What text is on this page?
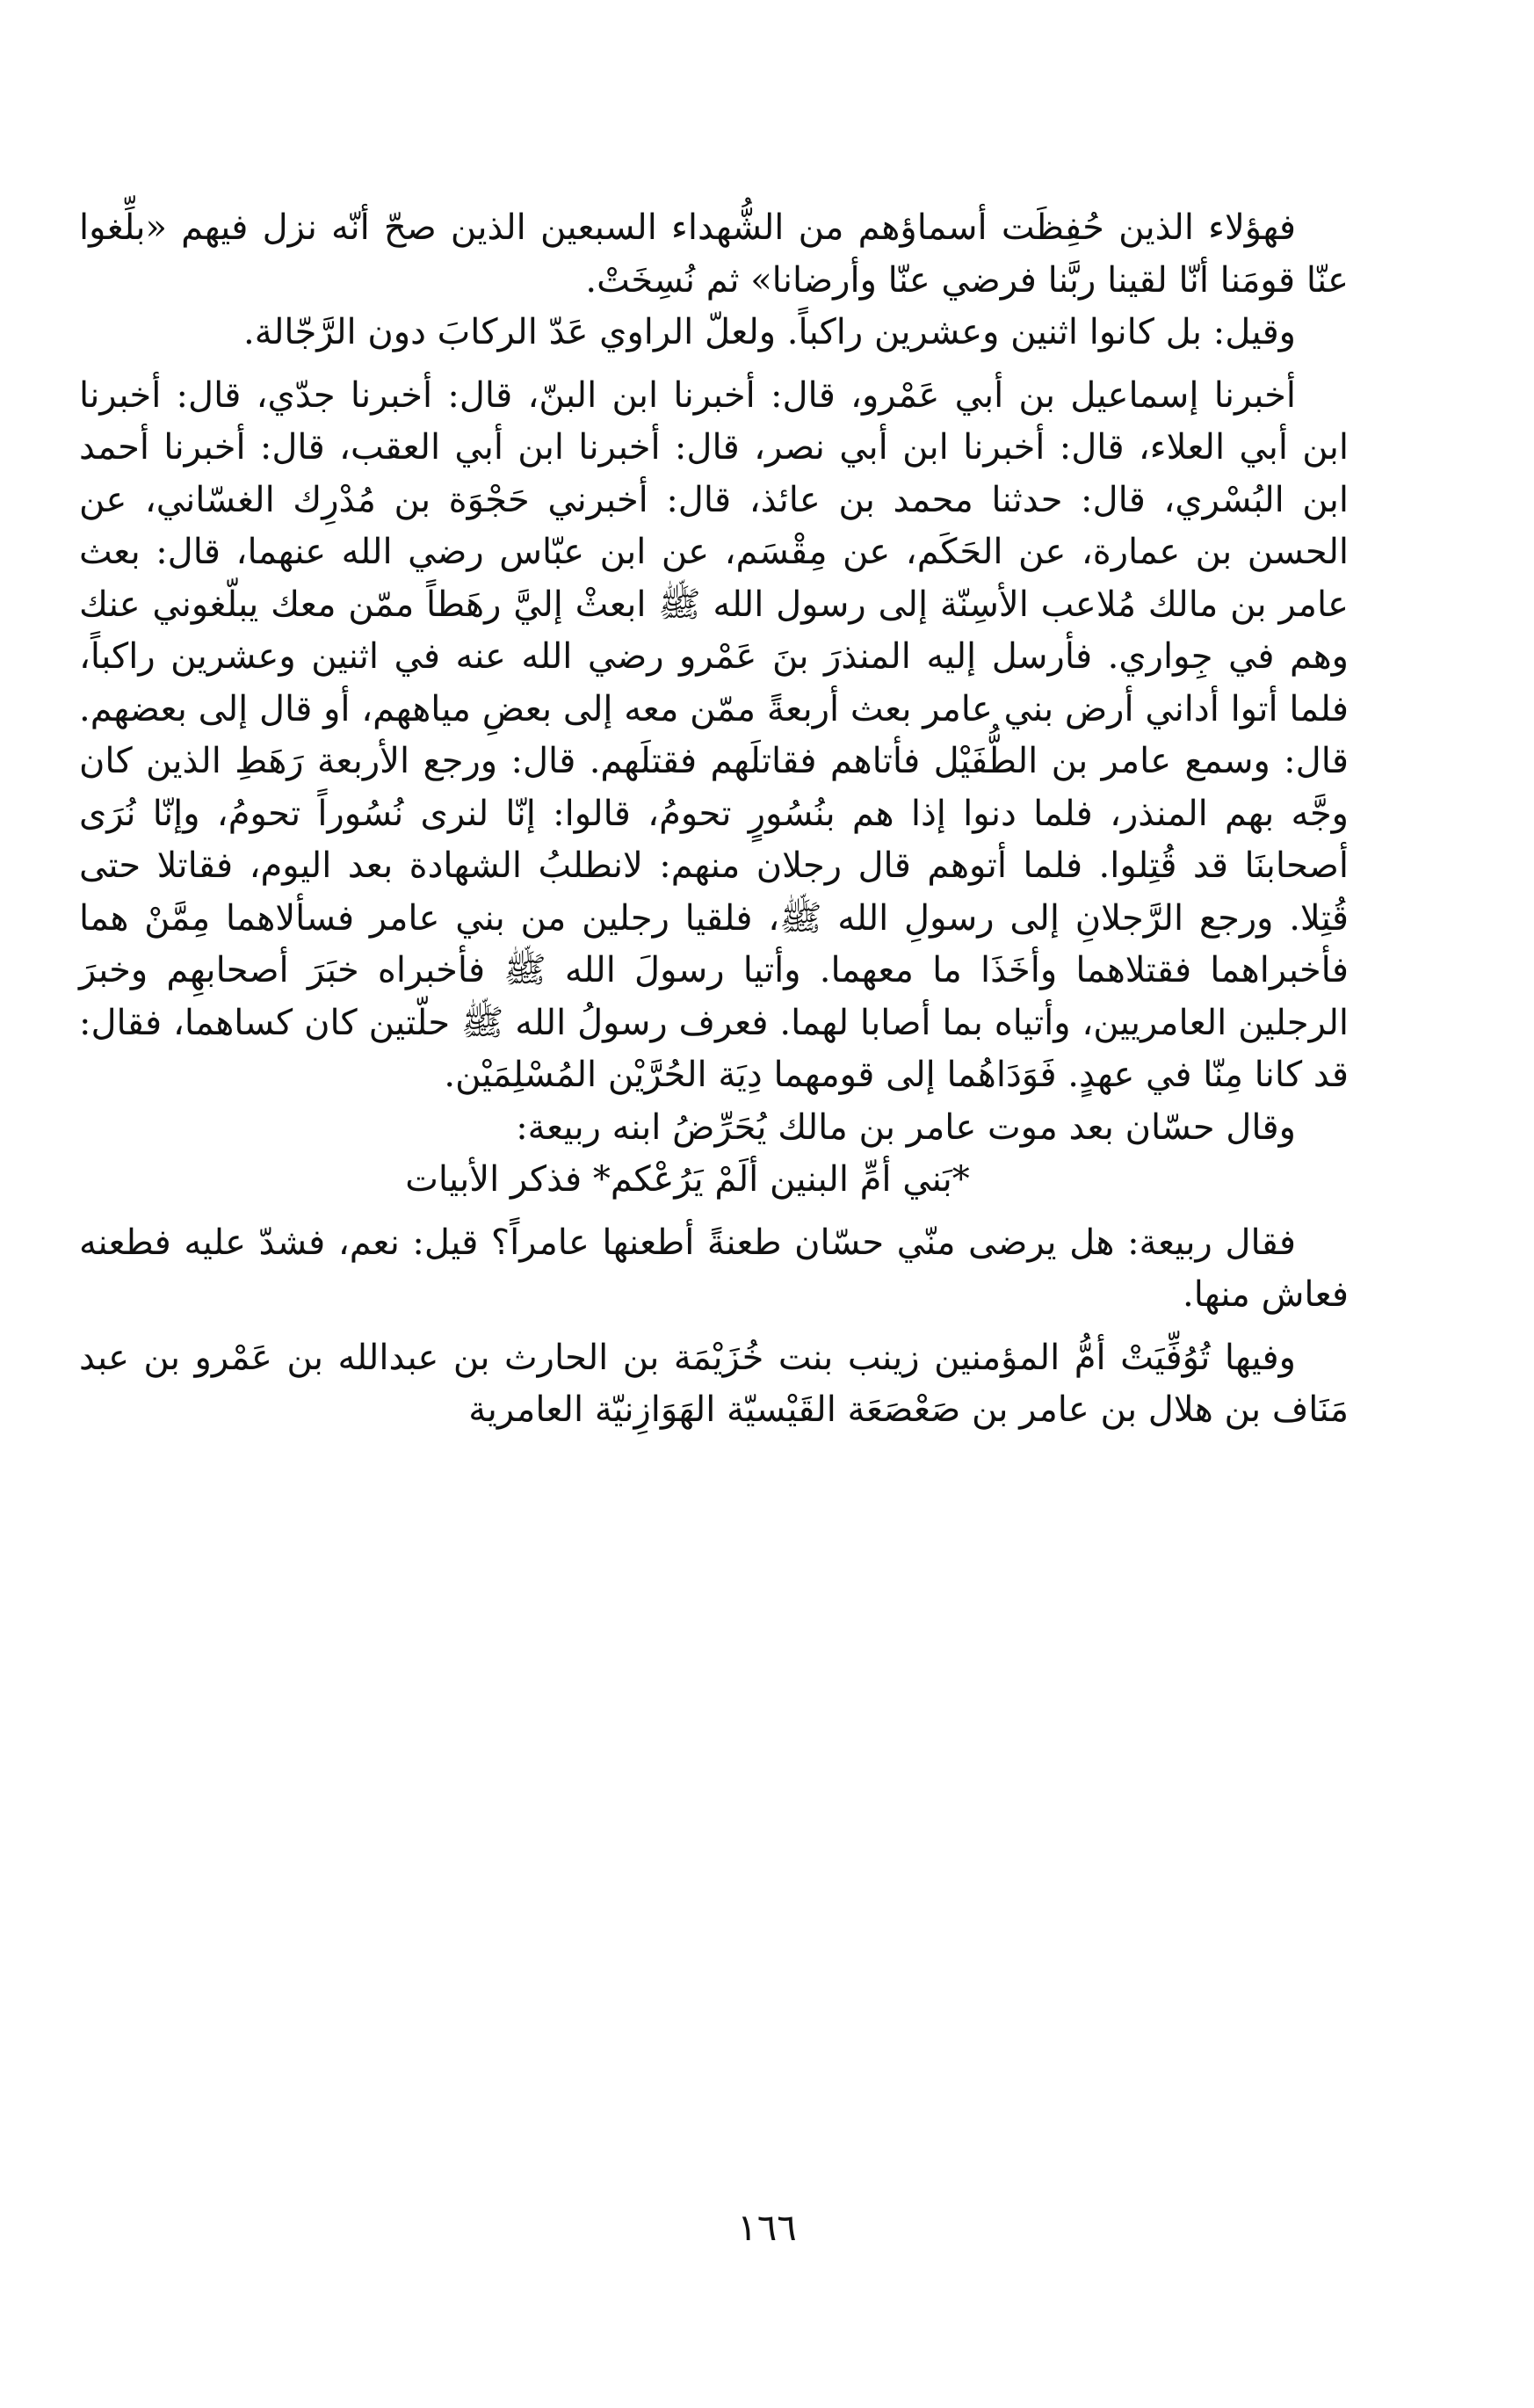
فهؤلاء الذين حُفِظَت أسماؤهم من الشُّهداء السبعين الذين صحّ أنّه نزل فيهم «بلِّغوا عنّا قومَنا أنّا لقينا ربَّنا فرضي عنّا وأرضانا» ثم نُسِخَتْ.

وقيل: بل كانوا اثنين وعشرين راكباً. ولعلّ الراوي عَدّ الركابَ دون الرَّجّالة.

أخبرنا إسماعيل بن أبي عَمْرو، قال: أخبرنا ابن البنّ، قال: أخبرنا جدّي، قال: أخبرنا ابن أبي العلاء، قال: أخبرنا ابن أبي نصر، قال: أخبرنا ابن أبي العقب، قال: أخبرنا أحمد ابن البُسْري، قال: حدثنا محمد بن عائذ، قال: أخبرني حَجْوَة بن مُدْرِك الغسّاني، عن الحسن بن عمارة، عن الحَكَم، عن مِقْسَم، عن ابن عبّاس رضي الله عنهما، قال: بعث عامر بن مالك مُلاعب الأسِنّة إلى رسول الله ﷺ ابعثْ إليَّ رهَطاً ممّن معك يبلّغوني عنك وهم في جِواري. فأرسل إليه المنذرَ بنَ عَمْرو رضي الله عنه في اثنين وعشرين راكباً، فلما أتوا أداني أرض بني عامر بعث أربعةً ممّن معه إلى بعضِ مياههم، أو قال إلى بعضهم. قال: وسمع عامر بن الطُّفَيْل فأتاهم فقاتلَهم فقتلَهم. قال: ورجع الأربعة رَهَطِ الذين كان وجَّه بهم المنذر، فلما دنوا إذا هم بنُسُورٍ تحومُ، قالوا: إنّا لنرى نُسُوراً تحومُ، وإنّا نُرَى أصحابنَا قد قُتِلوا. فلما أتوهم قال رجلان منهم: لانطلبُ الشهادة بعد اليوم، فقاتلا حتى قُتِلا. ورجع الرَّجلانِ إلى رسولِ الله ﷺ، فلقيا رجلين من بني عامر فسألاهما مِمَّنْ هما فأخبراهما فقتلاهما وأخَذَا ما معهما. وأتيا رسولَ الله ﷺ فأخبراه خبَرَ أصحابهِم وخبرَ الرجلين العامريين، وأتياه بما أصابا لهما. فعرف رسولُ الله ﷺ حلّتين كان كساهما، فقال: قد كانا مِنّا في عهدٍ. فَوَدَاهُما إلى قومهما دِيَة الحُرَّيْن المُسْلِمَيْن.

وقال حسّان بعد موت عامر بن مالك يُحَرِّضُ ابنه ربيعة:

*بَني أمِّ البنين ألَمْ يَرُعْكم* فذكر الأبيات

فقال ربيعة: هل يرضى منّي حسّان طعنةً أطعنها عامراً؟ قيل: نعم، فشدّ عليه فطعنه فعاش منها.

وفيها تُوُفِّيَتْ أمُّ المؤمنين زينب بنت خُزَيْمَة بن الحارث بن عبدالله بن عَمْرو بن عبد مَنَاف بن هلال بن عامر بن صَعْصَعَة القَيْسيّة الهَوَازِنيّة العامرية

١٦٦
